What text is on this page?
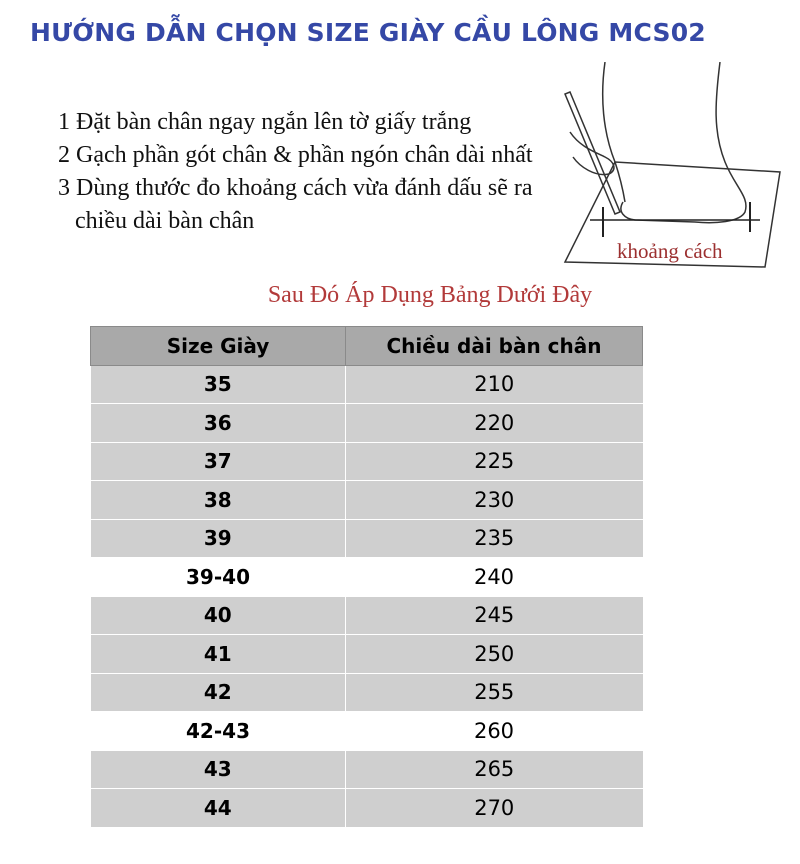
HƯỚNG DẪN CHỌN SIZE GIÀY CẦU LÔNG MCS02
1 Đặt bàn chân ngay ngắn lên tờ giấy trắng
2 Gạch phần gót chân & phần ngón chân dài nhất
3 Dùng thước đo khoảng cách vừa đánh dấu sẽ ra
chiều dài bàn chân
khoảng cách
Sau Đó Áp Dụng Bảng Dưới Đây
Size Giày	Chiều dài bàn chân
35	210
36	220
37	225
38	230
39	235
39-40	240
40	245
41	250
42	255
42-43	260
43	265
44	270
